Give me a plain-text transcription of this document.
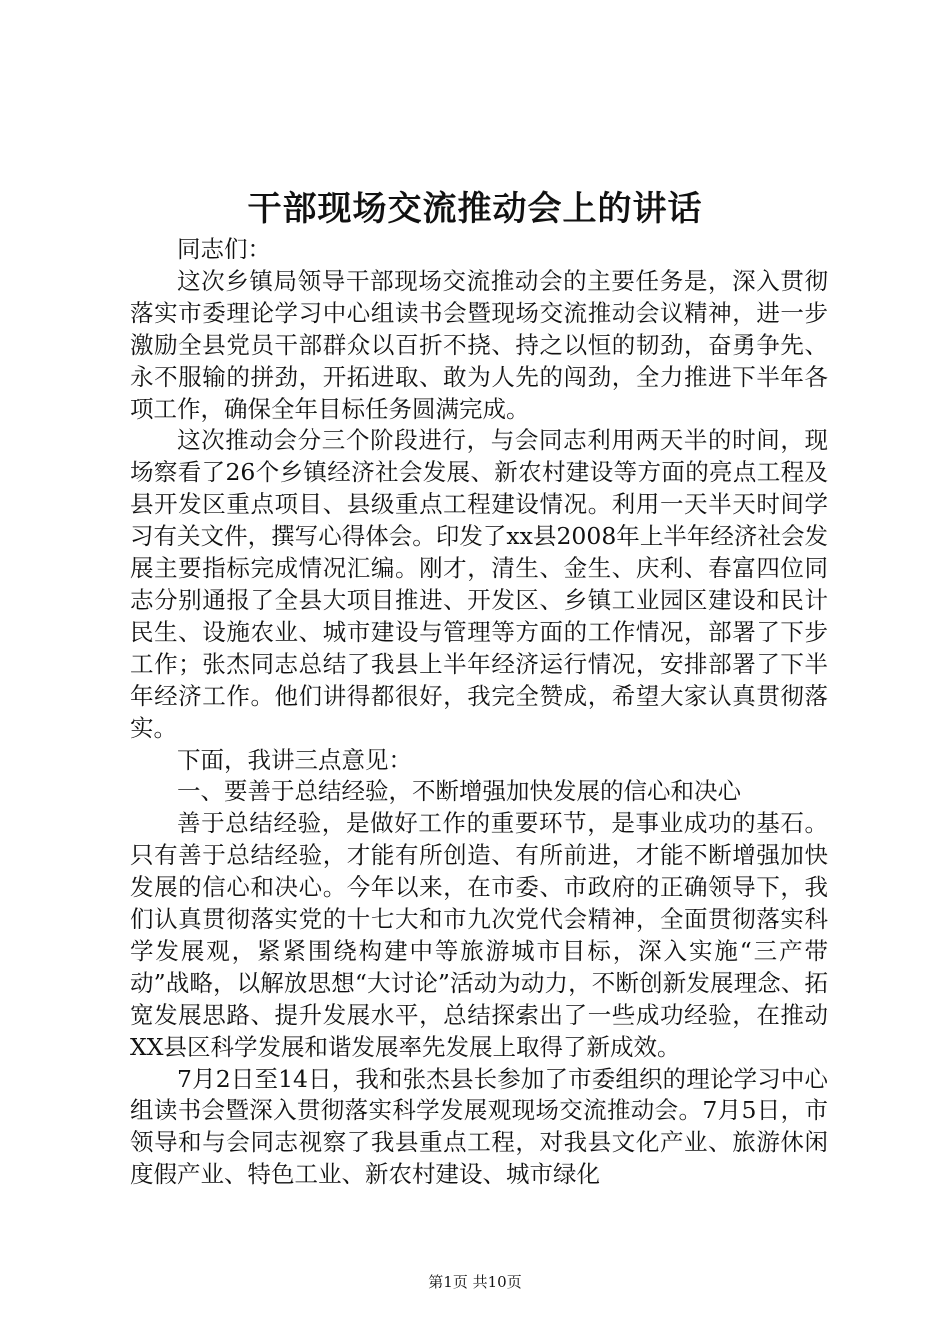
干部现场交流推动会上的讲话

同志们：

这次乡镇局领导干部现场交流推动会的主要任务是，深入贯彻落实市委理论学习中心组读书会暨现场交流推动会议精神，进一步激励全县党员干部群众以百折不挠、持之以恒的韧劲，奋勇争先、永不服输的拼劲，开拓进取、敢为人先的闯劲，全力推进下半年各项工作，确保全年目标任务圆满完成。

这次推动会分三个阶段进行，与会同志利用两天半的时间，现场察看了26个乡镇经济社会发展、新农村建设等方面的亮点工程及县开发区重点项目、县级重点工程建设情况。利用一天半天时间学习有关文件，撰写心得体会。印发了xx县2008年上半年经济社会发展主要指标完成情况汇编。刚才，清生、金生、庆利、春富四位同志分别通报了全县大项目推进、开发区、乡镇工业园区建设和民计民生、设施农业、城市建设与管理等方面的工作情况，部署了下步工作；张杰同志总结了我县上半年经济运行情况，安排部署了下半年经济工作。他们讲得都很好，我完全赞成，希望大家认真贯彻落实。

下面，我讲三点意见：

一、要善于总结经验，不断增强加快发展的信心和决心

善于总结经验，是做好工作的重要环节，是事业成功的基石。只有善于总结经验，才能有所创造、有所前进，才能不断增强加快发展的信心和决心。今年以来，在市委、市政府的正确领导下，我们认真贯彻落实党的十七大和市九次党代会精神，全面贯彻落实科学发展观，紧紧围绕构建中等旅游城市目标，深入实施“三产带动”战略，以解放思想“大讨论”活动为动力，不断创新发展理念、拓宽发展思路、提升发展水平，总结探索出了一些成功经验，在推动XX县区科学发展和谐发展率先发展上取得了新成效。

7月2日至14日，我和张杰县长参加了市委组织的理论学习中心组读书会暨深入贯彻落实科学发展观现场交流推动会。7月5日，市领导和与会同志视察了我县重点工程，对我县文化产业、旅游休闲度假产业、特色工业、新农村建设、城市绿化

第1页 共10页
